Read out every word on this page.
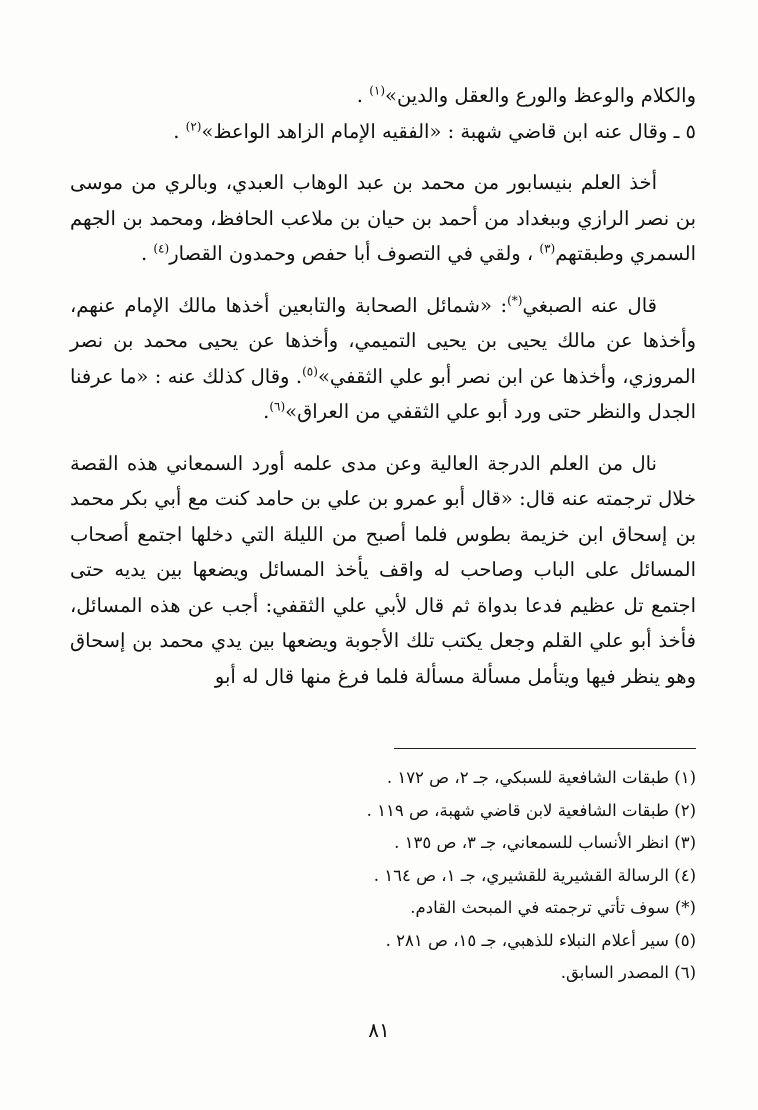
والكلام والوعظ والورع والعقل والدين»$^{(١)}$ .

٥ ـ وقال عنه ابن قاضي شهبة : «الفقيه الإمام الزاهد الواعظ»$^{(٢)}$ .

أخذ العلم بنيسابور من محمد بن عبد الوهاب العبدي، وبالري من موسى بن نصر الرازي وببغداد من أحمد بن حيان بن ملاعب الحافظ، ومحمد بن الجهم السمري وطبقتهم$^{(٣)}$ ، ولقي في التصوف أبا حفص وحمدون القصار$^{(٤)}$ .

قال عنه الصبغي(*): «شمائل الصحابة والتابعين أخذها مالك الإمام عنهم، وأخذها عن مالك يحيى بن يحيى التميمي، وأخذها عن يحيى محمد بن نصر المروزي، وأخذها عن ابن نصر أبو علي الثقفي»$^{(٥)}$. وقال كذلك عنه : «ما عرفنا الجدل والنظر حتى ورد أبو علي الثقفي من العراق»$^{(٦)}$.

نال من العلم الدرجة العالية وعن مدى علمه أورد السمعاني هذه القصة خلال ترجمته عنه قال: «قال أبو عمرو بن علي بن حامد كنت مع أبي بكر محمد بن إسحاق ابن خزيمة بطوس فلما أصبح من الليلة التي دخلها اجتمع أصحاب المسائل على الباب وصاحب له واقف يأخذ المسائل ويضعها بين يديه حتى اجتمع تل عظيم فدعا بدواة ثم قال لأبي علي الثقفي: أجب عن هذه المسائل، فأخذ أبو علي القلم وجعل يكتب تلك الأجوبة ويضعها بين يدي محمد بن إسحاق وهو ينظر فيها ويتأمل مسألة مسألة فلما فرغ منها قال له أبو

(١) طبقات الشافعية للسبكي، جـ ٢، ص ١٧٢ .

(٢) طبقات الشافعية لابن قاضي شهبة، ص ١١٩ .

(٣) انظر الأنساب للسمعاني، جـ ٣، ص ١٣٥ .

(٤) الرسالة القشيرية للقشيري، جـ ١، ص ١٦٤ .

(*) سوف تأتي ترجمته في المبحث القادم.

(٥) سير أعلام النبلاء للذهبي، جـ ١٥، ص ٢٨١ .

(٦) المصدر السابق.

٨١
